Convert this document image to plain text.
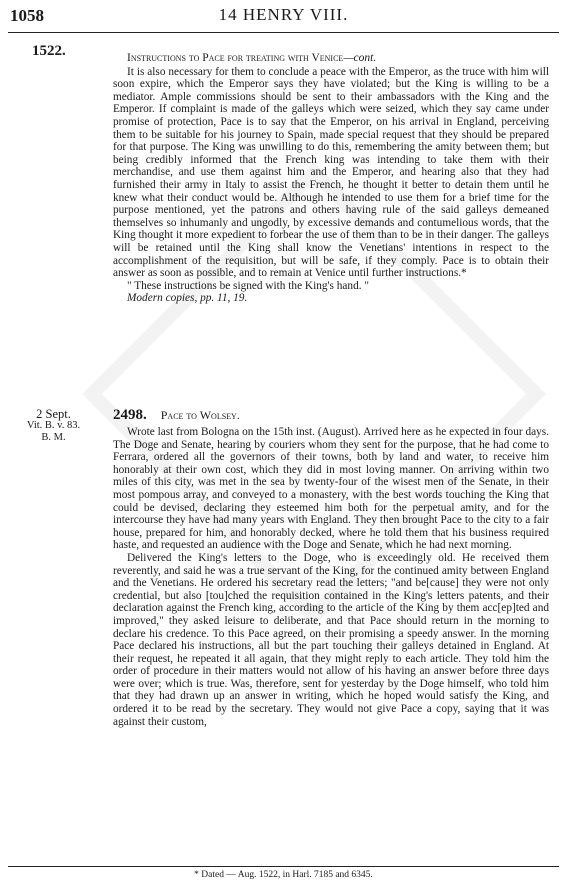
1058	14 HENRY VIII.
1522.	Instructions to Pace for treating with Venice—cont.

It is also necessary for them to conclude a peace with the Emperor, as the truce with him will soon expire, which the Emperor says they have violated; but the King is willing to be a mediator. Ample commissions should be sent to their ambassadors with the King and the Emperor. If complaint is made of the galleys which were seized, which they say came under promise of protection, Pace is to say that the Emperor, on his arrival in England, perceiving them to be suitable for his journey to Spain, made special request that they should be prepared for that purpose. The King was unwilling to do this, remembering the amity between them; but being credibly informed that the French king was intending to take them with their merchandise, and use them against him and the Emperor, and hearing also that they had furnished their army in Italy to assist the French, he thought it better to detain them until he knew what their conduct would be. Although he intended to use them for a brief time for the purpose mentioned, yet the patrons and others having rule of the said galleys demeaned themselves so inhumanly and ungodly, by excessive demands and contumelious words, that the King thought it more expedient to forbear the use of them than to be in their danger. The galleys will be retained until the King shall know the Venetians' intentions in respect to the accomplishment of the requisition, but will be safe, if they comply. Pace is to obtain their answer as soon as possible, and to remain at Venice until further instructions.*

" These instructions be signed with the King's hand. "

Modern copies, pp. 11, 19.

2 Sept.
Vit. B. v. 83.
B. M.
2498. Pace to Wolsey.

Wrote last from Bologna on the 15th inst. (August). Arrived here as he expected in four days. The Doge and Senate, hearing by couriers whom they sent for the purpose, that he had come to Ferrara, ordered all the governors of their towns, both by land and water, to receive him honorably at their own cost, which they did in most loving manner. On arriving within two miles of this city, was met in the sea by twenty-four of the wisest men of the Senate, in their most pompous array, and conveyed to a monastery, with the best words touching the King that could be devised, declaring they esteemed him both for the perpetual amity, and for the intercourse they have had many years with England. They then brought Pace to the city to a fair house, prepared for him, and honorably decked, where he told them that his business required haste, and requested an audience with the Doge and Senate, which he had next morning.

Delivered the King's letters to the Doge, who is exceedingly old. He received them reverently, and said he was a true servant of the King, for the continued amity between England and the Venetians. He ordered his secretary read the letters; "and be[cause] they were not only credential, but also [tou]ched the requisition contained in the King's letters patents, and their declaration against the French king, according to the article of the King by them acc[ep]ted and improved," they asked leisure to deliberate, and that Pace should return in the morning to declare his credence. To this Pace agreed, on their promising a speedy answer. In the morning Pace declared his instructions, all but the part touching their galleys detained in England. At their request, he repeated it all again, that they might reply to each article. They told him the order of procedure in their matters would not allow of his having an answer before three days were over; which is true. Was, therefore, sent for yesterday by the Doge himself, who told him that they had drawn up an answer in writing, which he hoped would satisfy the King, and ordered it to be read by the secretary. They would not give Pace a copy, saying that it was against their custom,

* Dated — Aug. 1522, in Harl. 7185 and 6345.
